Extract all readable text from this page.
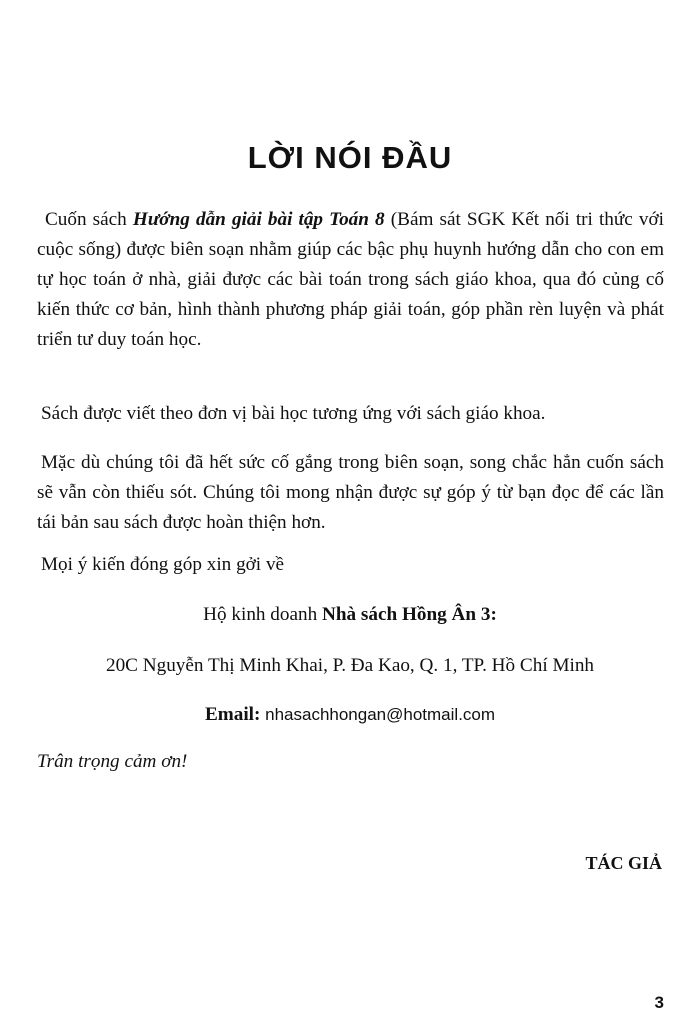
LỜI NÓI ĐẦU

Cuốn sách Hướng dẫn giải bài tập Toán 8 (Bám sát SGK Kết nối tri thức với cuộc sống) được biên soạn nhằm giúp các bậc phụ huynh hướng dẫn cho con em tự học toán ở nhà, giải được các bài toán trong sách giáo khoa, qua đó củng cố kiến thức cơ bản, hình thành phương pháp giải toán, góp phần rèn luyện và phát triển tư duy toán học.

Sách được viết theo đơn vị bài học tương ứng với sách giáo khoa.

Mặc dù chúng tôi đã hết sức cố gắng trong biên soạn, song chắc hẳn cuốn sách sẽ vẫn còn thiếu sót. Chúng tôi mong nhận được sự góp ý từ bạn đọc để các lần tái bản sau sách được hoàn thiện hơn.

Mọi ý kiến đóng góp xin gởi về

Hộ kinh doanh Nhà sách Hồng Ân 3:

20C Nguyễn Thị Minh Khai, P. Đa Kao, Q. 1, TP. Hồ Chí Minh

Email: nhasachhongan@hotmail.com

Trân trọng cảm ơn!

TÁC GIẢ

3
